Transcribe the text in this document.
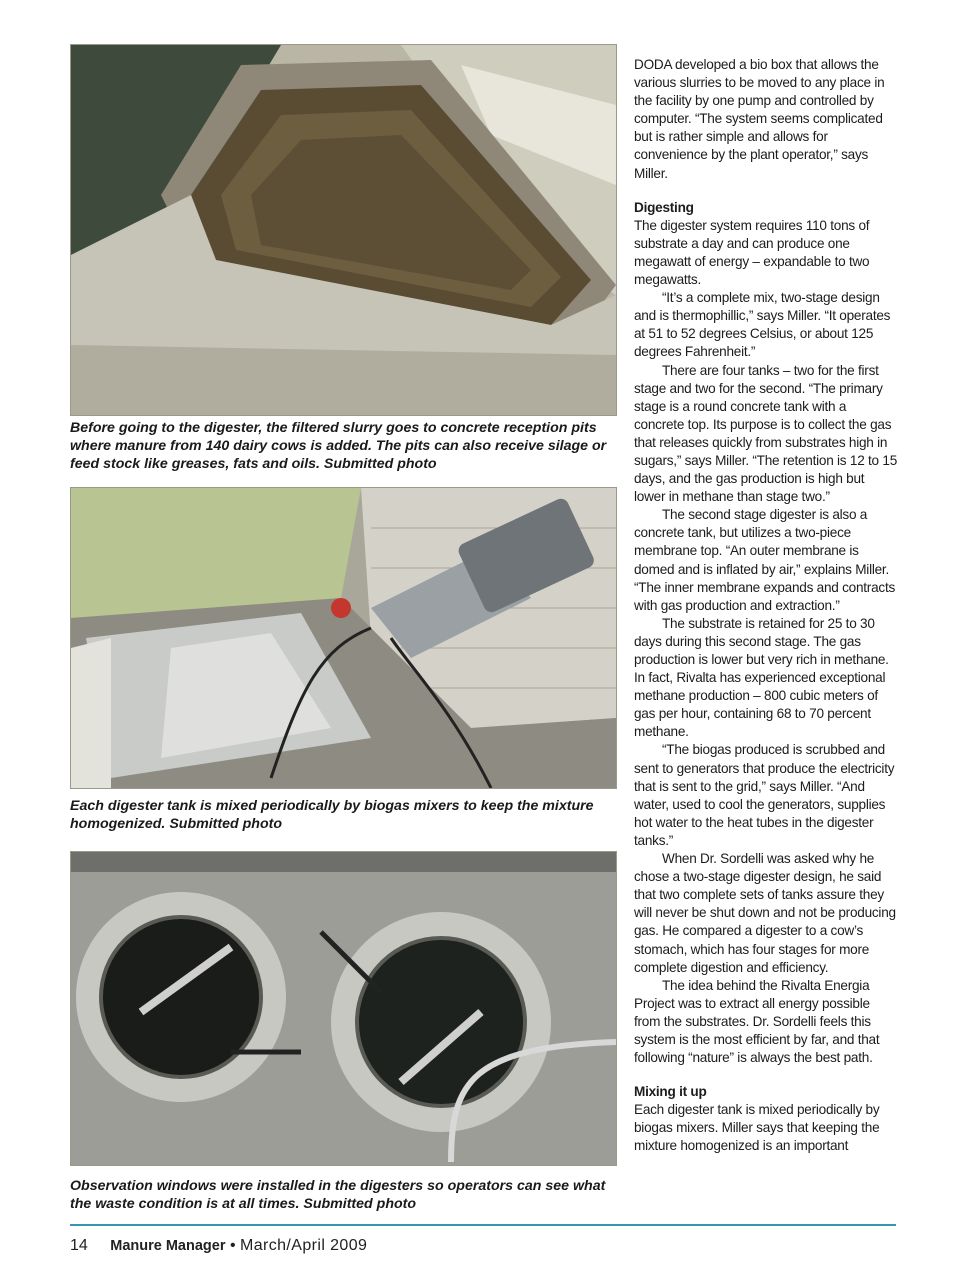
Before going to the digester, the filtered slurry goes to concrete reception pits where manure from 140 dairy cows is added. The pits can also receive silage or feed stock like greases, fats and oils. Submitted photo

Each digester tank is mixed periodically by biogas mixers to keep the mixture homogenized. Submitted photo

Observation windows were installed in the digesters so operators can see what the waste condition is at all times. Submitted photo

DODA developed a bio box that allows the various slurries to be moved to any place in the facility by one pump and controlled by computer. “The system seems complicated but is rather simple and allows for convenience by the plant operator,” says Miller.

Digesting

The digester system requires 110 tons of substrate a day and can produce one megawatt of energy – expandable to two megawatts.

“It’s a complete mix, two-stage design and is thermophillic,” says Miller. “It operates at 51 to 52 degrees Celsius, or about 125 degrees Fahrenheit.”

There are four tanks – two for the first stage and two for the second. “The primary stage is a round concrete tank with a concrete top. Its purpose is to collect the gas that releases quickly from substrates high in sugars,” says Miller. “The retention is 12 to 15 days, and the gas production is high but lower in methane than stage two.”

The second stage digester is also a concrete tank, but utilizes a two-piece membrane top. “An outer membrane is domed and is inflated by air,” explains Miller. “The inner membrane expands and contracts with gas production and extraction.”

The substrate is retained for 25 to 30 days during this second stage. The gas production is lower but very rich in methane. In fact, Rivalta has experienced exceptional methane production – 800 cubic meters of gas per hour, containing 68 to 70 percent methane.

“The biogas produced is scrubbed and sent to generators that produce the electricity that is sent to the grid,” says Miller. “And water, used to cool the generators, supplies hot water to the heat tubes in the digester tanks.”

When Dr. Sordelli was asked why he chose a two-stage digester design, he said that two complete sets of tanks assure they will never be shut down and not be producing gas. He compared a digester to a cow’s stomach, which has four stages for more complete digestion and efficiency.

The idea behind the Rivalta Energia Project was to extract all energy possible from the substrates. Dr. Sordelli feels this system is the most efficient by far, and that following “nature” is always the best path.

Mixing it up

Each digester tank is mixed periodically by biogas mixers. Miller says that keeping the mixture homogenized is an important

14 Manure Manager • March/April 2009
